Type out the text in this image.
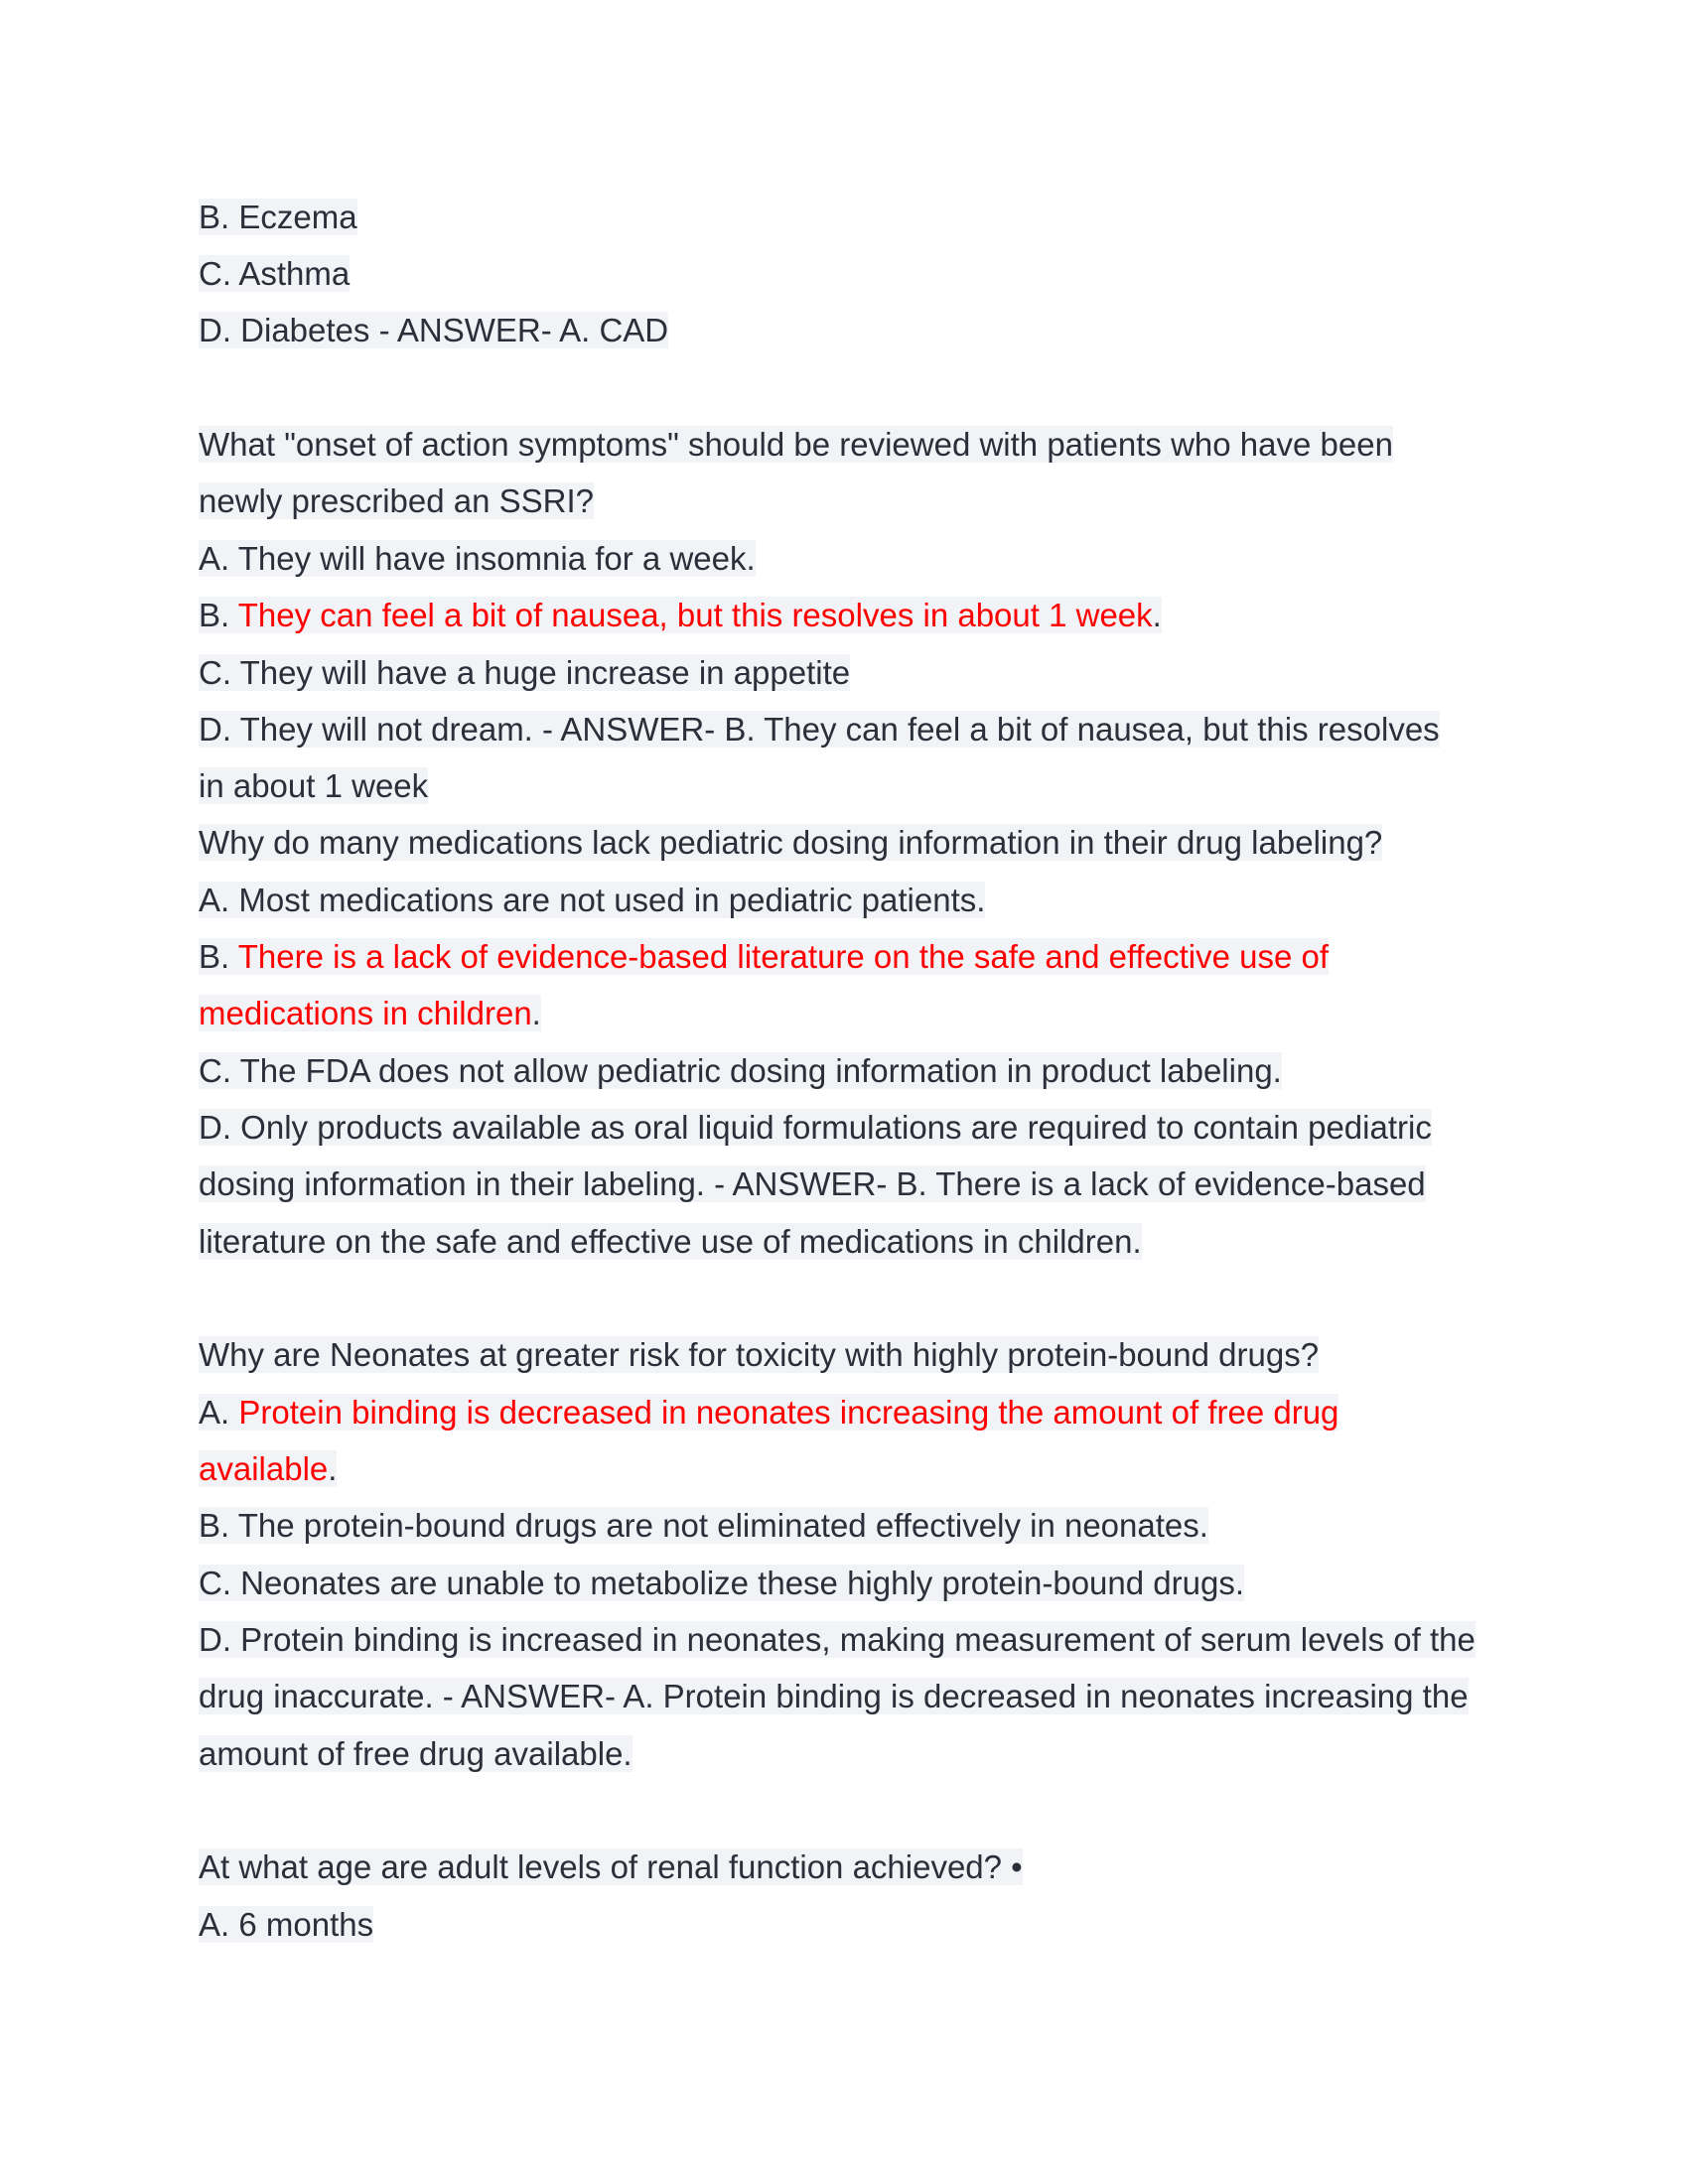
B. Eczema
C. Asthma
D. Diabetes - ANSWER- A. CAD
What "onset of action symptoms" should be reviewed with patients who have been
newly prescribed an SSRI?
A. They will have insomnia for a week.
B. They can feel a bit of nausea, but this resolves in about 1 week.
C. They will have a huge increase in appetite
D. They will not dream. - ANSWER- B. They can feel a bit of nausea, but this resolves
in about 1 week
Why do many medications lack pediatric dosing information in their drug labeling?
A. Most medications are not used in pediatric patients.
B. There is a lack of evidence-based literature on the safe and effective use of
medications in children.
C. The FDA does not allow pediatric dosing information in product labeling.
D. Only products available as oral liquid formulations are required to contain pediatric
dosing information in their labeling. - ANSWER- B. There is a lack of evidence-based
literature on the safe and effective use of medications in children.
Why are Neonates at greater risk for toxicity with highly protein-bound drugs?
A. Protein binding is decreased in neonates increasing the amount of free drug
available.
B. The protein-bound drugs are not eliminated effectively in neonates.
C. Neonates are unable to metabolize these highly protein-bound drugs.
D. Protein binding is increased in neonates, making measurement of serum levels of the
drug inaccurate. - ANSWER- A. Protein binding is decreased in neonates increasing the
amount of free drug available.
At what age are adult levels of renal function achieved? •
A. 6 months
